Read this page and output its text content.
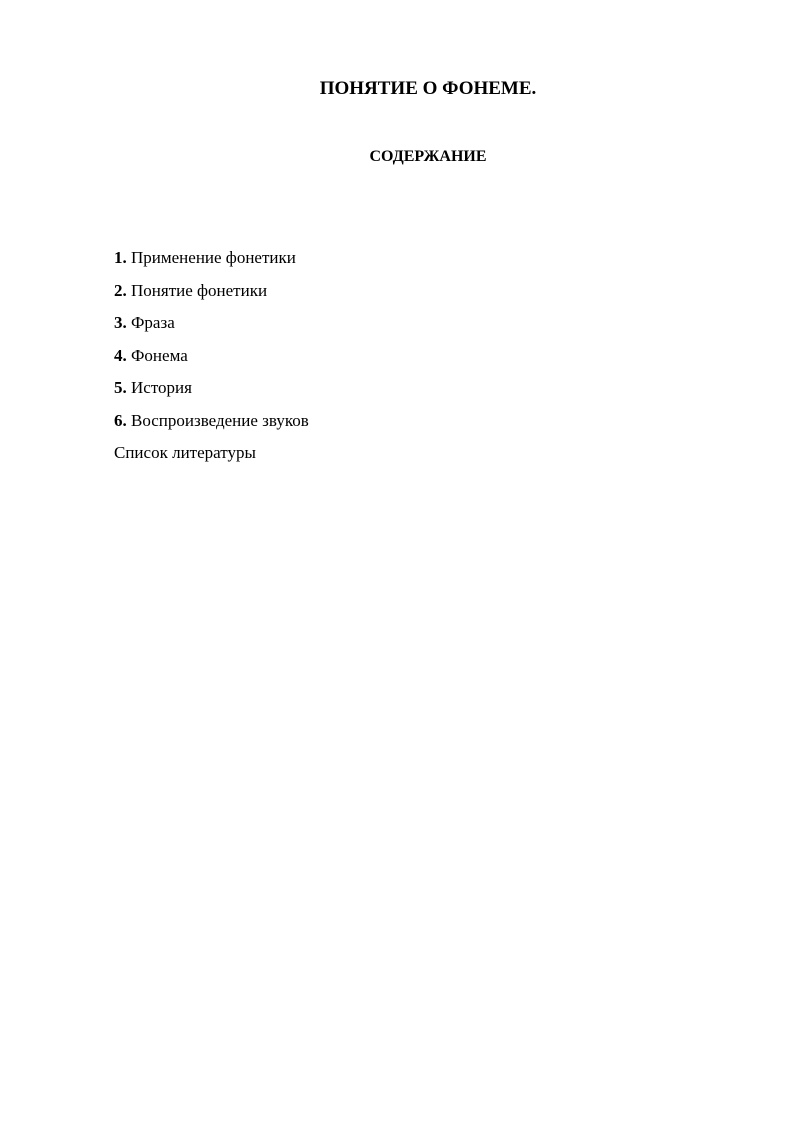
ПОНЯТИЕ О ФОНЕМЕ.
СОДЕРЖАНИЕ
1. Применение фонетики
2. Понятие фонетики
3. Фраза
4. Фонема
5. История
6. Воспроизведение звуков
Список литературы
